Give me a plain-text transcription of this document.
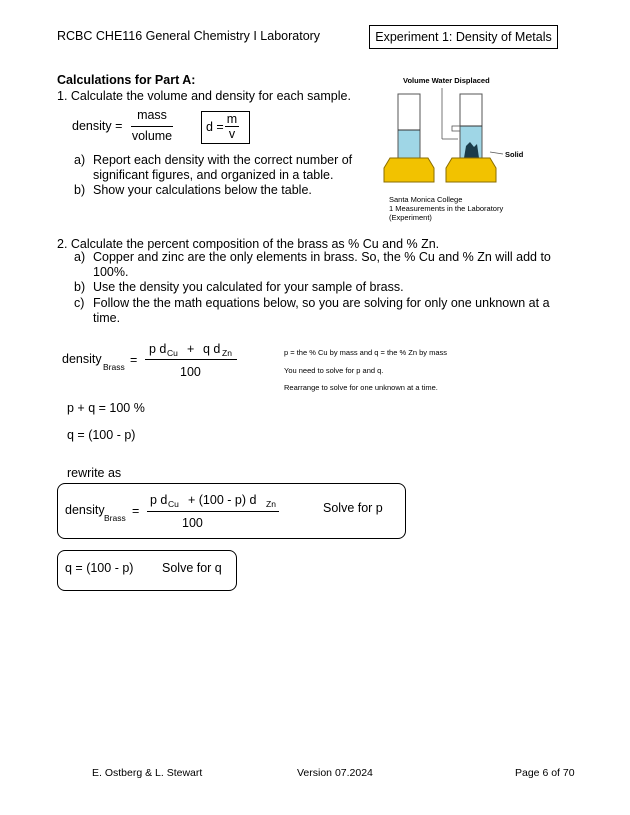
RCBC CHE116 General Chemistry I Laboratory	Experiment 1: Density of Metals
Calculations for Part A:
1. Calculate the volume and density for each sample.
density =
mass
volume
d =
m
v
a) Report each density with the correct number of
significant figures, and organized in a table.
b) Show your calculations below the table.
Volume Water Displaced
Solid
Santa Monica College
1 Measurements in the Laboratory
(Experiment)
2. Calculate the percent composition of the brass as % Cu and % Zn.
a) Copper and zinc are the only elements in brass. So, the % Cu and % Zn will add to
100%.
b) Use the density you calculated for your sample of brass.
c) Follow the the math equations below, so you are solving for only one unknown at a
time.
density
Brass =
p d Cu + q d Zn
100
p = the % Cu by mass and q = the % Zn by mass
You need to solve for p and q.
Rearrange to solve for one unknown at a time.
p + q = 100 %
q = (100 - p)
rewrite as
density
Brass =
p d Cu + (100 - p) d Zn
100
Solve for p
q = (100 - p) Solve for q
E. Ostberg & L. Stewart	Version 07.2024	Page 6 of 70
